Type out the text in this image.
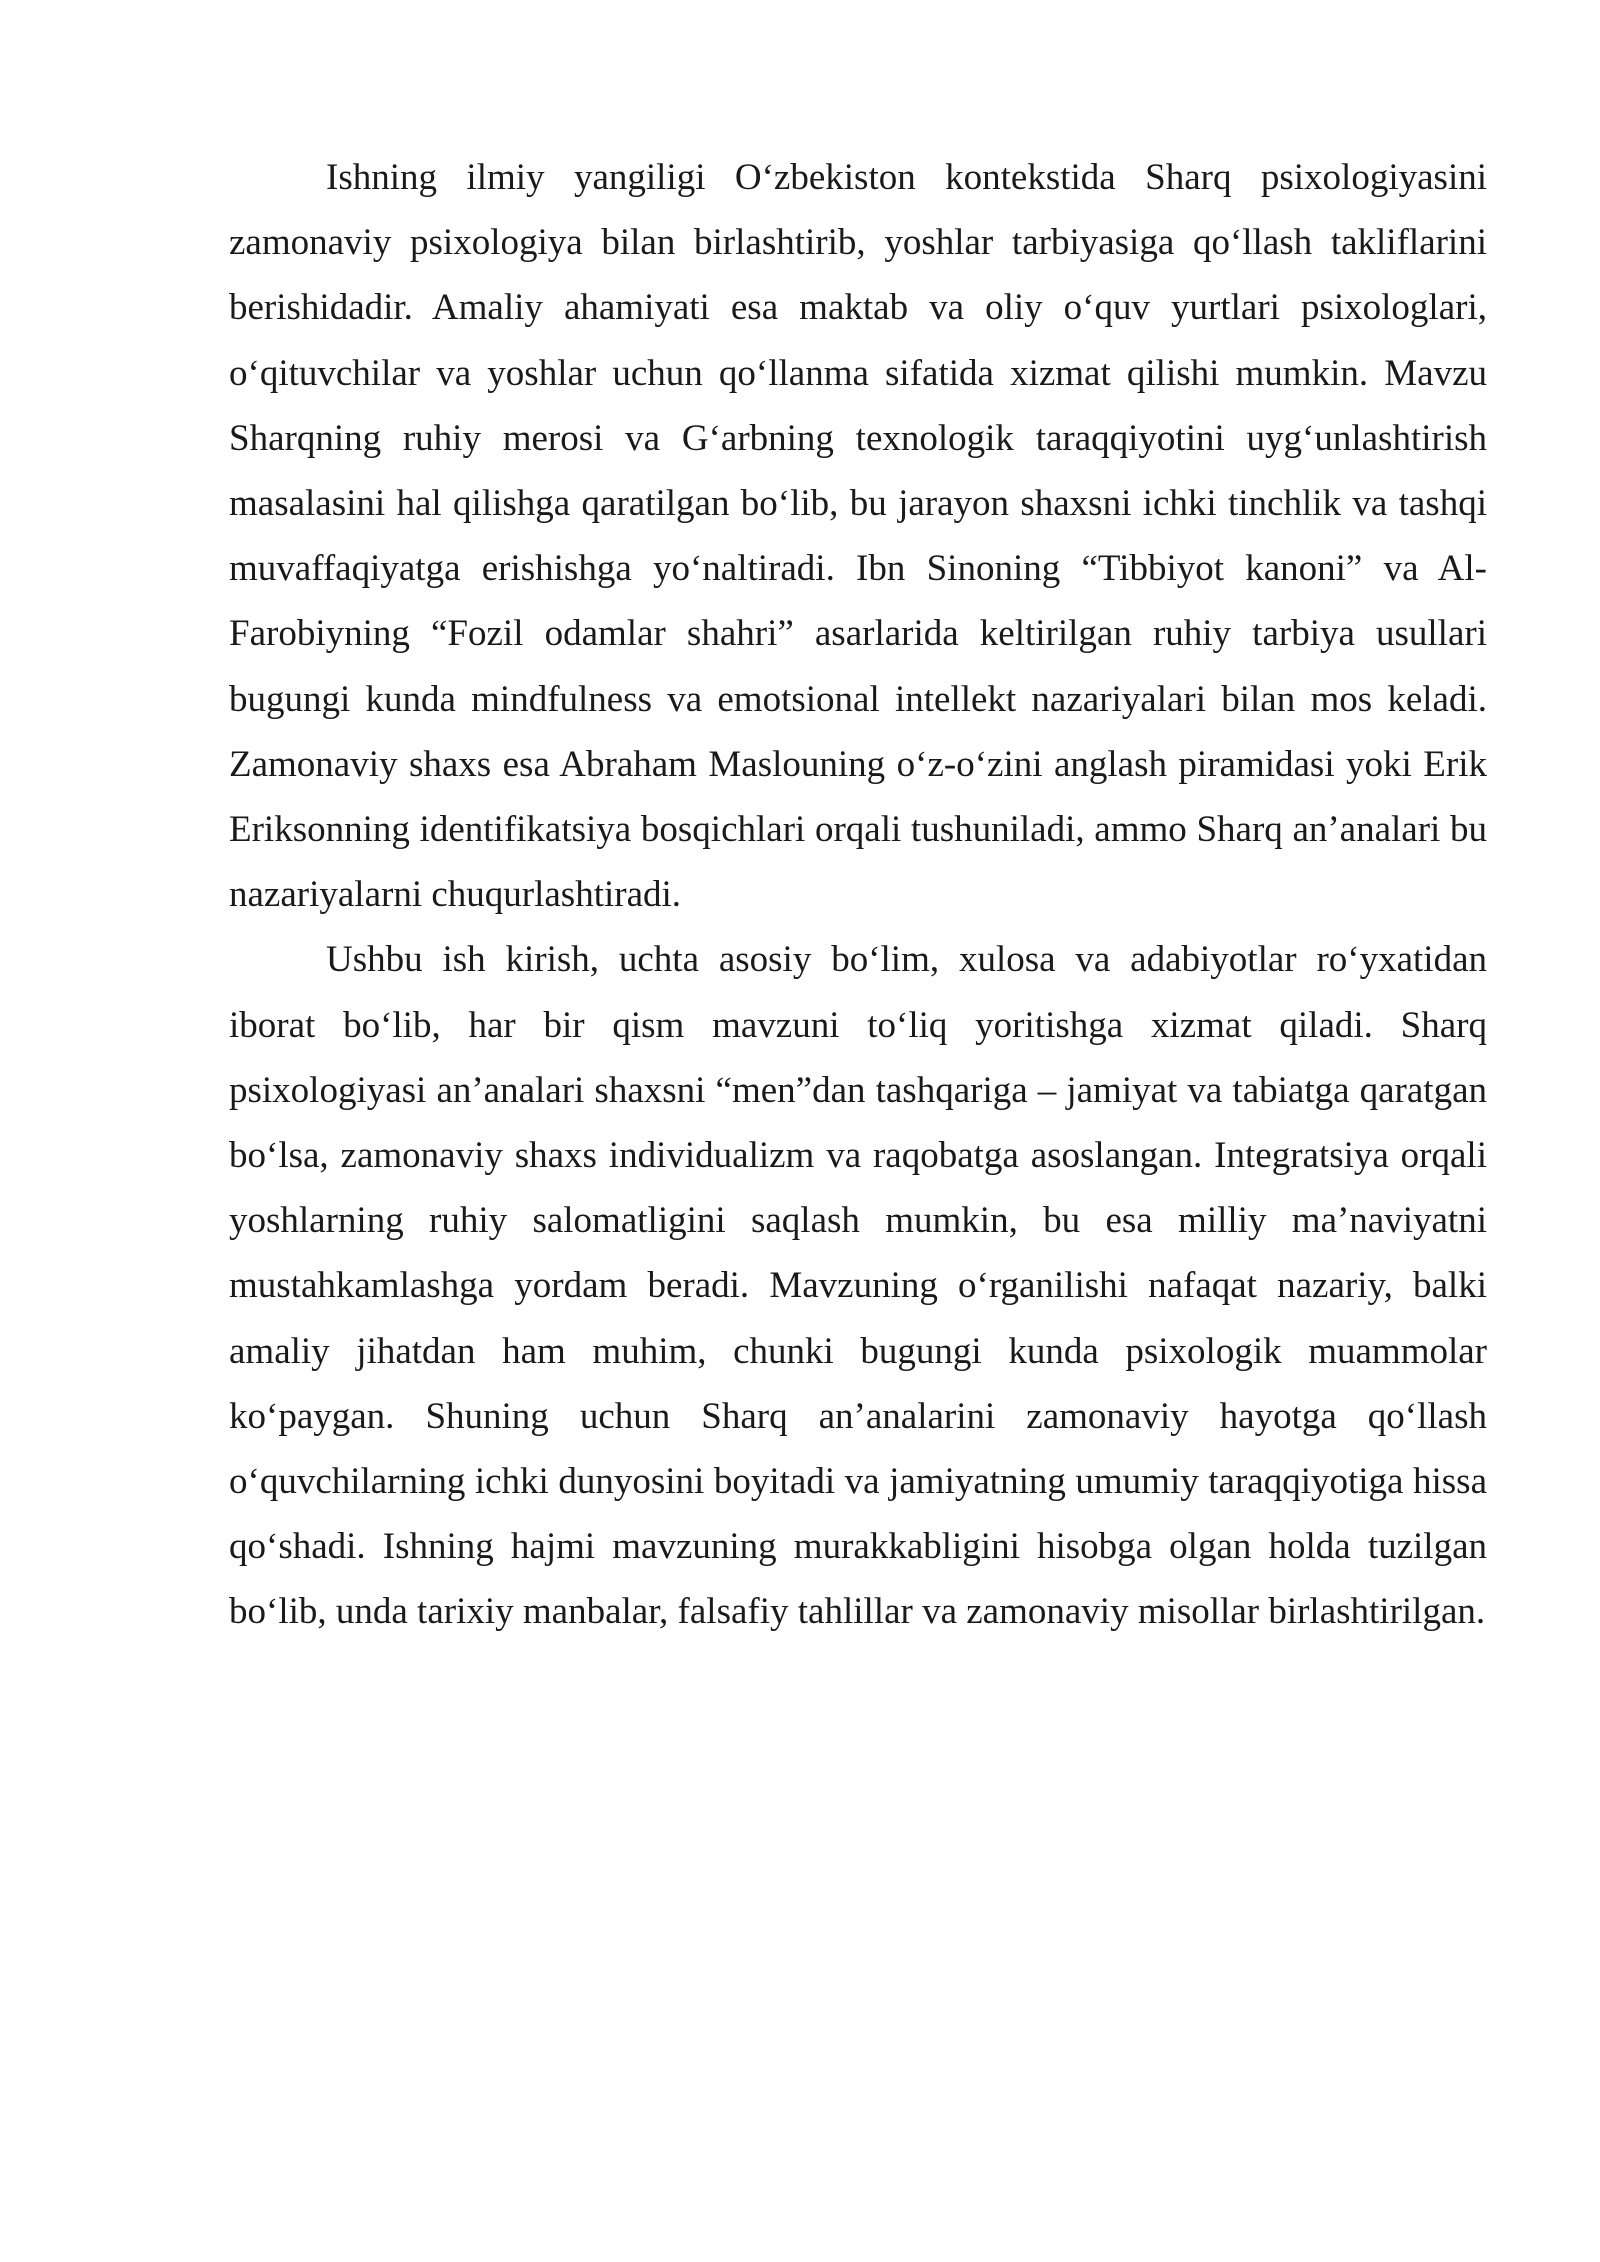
Ishning ilmiy yangiligi O‘zbekiston kontekstida Sharq psixologiyasini zamonaviy psixologiya bilan birlashtirib, yoshlar tarbiyasiga qo‘llash takliflarini berishidadir. Amaliy ahamiyati esa maktab va oliy o‘quv yurtlari psixologlari, o‘qituvchilar va yoshlar uchun qo‘llanma sifatida xizmat qilishi mumkin. Mavzu Sharqning ruhiy merosi va G‘arbning texnologik taraqqiyotini uyg‘unlashtirish masalasini hal qilishga qaratilgan bo‘lib, bu jarayon shaxsni ichki tinchlik va tashqi muvaffaqiyatga erishishga yo‘naltiradi. Ibn Sinoning “Tibbiyot kanoni” va Al-Farobiyning “Fozil odamlar shahri” asarlarida keltirilgan ruhiy tarbiya usullari bugungi kunda mindfulness va emotsional intellekt nazariyalari bilan mos keladi. Zamonaviy shaxs esa Abraham Maslouning o‘z-o‘zini anglash piramidasi yoki Erik Eriksonning identifikatsiya bosqichlari orqali tushuniladi, ammo Sharq an’analari bu nazariyalarni chuqurlashtiradi.

Ushbu ish kirish, uchta asosiy bo‘lim, xulosa va adabiyotlar ro‘yxatidan iborat bo‘lib, har bir qism mavzuni to‘liq yoritishga xizmat qiladi. Sharq psixologiyasi an’analari shaxsni “men”dan tashqariga – jamiyat va tabiatga qaratgan bo‘lsa, zamonaviy shaxs individualizm va raqobatga asoslangan. Integratsiya orqali yoshlarning ruhiy salomatligini saqlash mumkin, bu esa milliy ma’naviyatni mustahkamlashga yordam beradi. Mavzuning o‘rganilishi nafaqat nazariy, balki amaliy jihatdan ham muhim, chunki bugungi kunda psixologik muammolar ko‘paygan. Shuning uchun Sharq an’analarini zamonaviy hayotga qo‘llash o‘quvchilarning ichki dunyosini boyitadi va jamiyatning umumiy taraqqiyotiga hissa qo‘shadi. Ishning hajmi mavzuning murakkabligini hisobga olgan holda tuzilgan bo‘lib, unda tarixiy manbalar, falsafiy tahlillar va zamonaviy misollar birlashtirilgan.
